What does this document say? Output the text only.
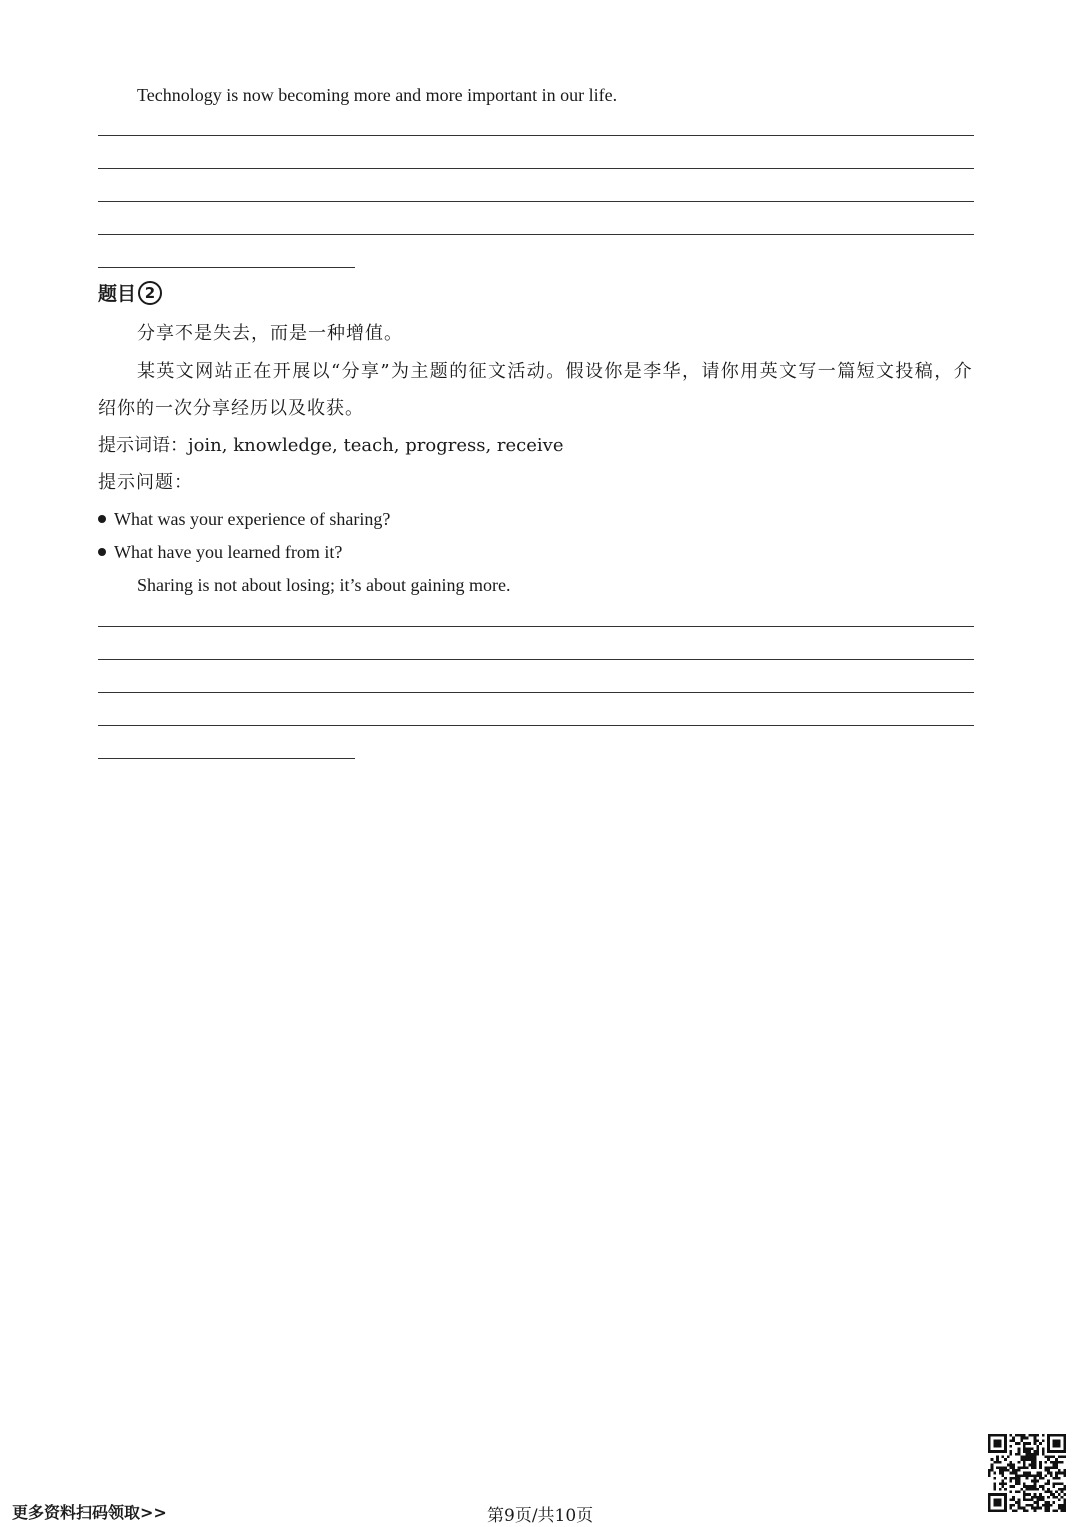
Technology is now becoming more and more important in our life.
题目 2
分享不是失去，而是一种增值。
某英文网站正在开展以“分享”为主题的征文活动。假设你是李华，请你用英文写一篇短文投稿，介
绍你的一次分享经历以及收获。
提示词语：join, knowledge, teach, progress, receive
提示问题：
What was your experience of sharing?
What have you learned from it?
Sharing is not about losing; it’s about gaining more.
更多资料扫码领取>>	第9页/共10页
